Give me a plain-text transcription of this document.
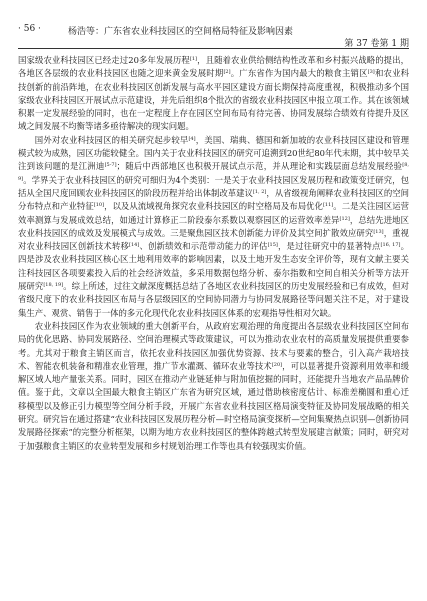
· 56 ·	杨浩等：广东省农业科技园区的空间格局特征及影响因素
第 37 卷第 1 期

国家级农业科技园区已经走过20多年发展历程[1]，且随着农业供给侧结构性改革和乡村振兴战略的提出，各地区各层级的农业科技园区也随之迎来黄金发展时期[2]。广东省作为国内最大的粮食主销区[3]和农业科技创新的前沿阵地，在农业科技园区创新发展与高水平园区建设方面长期保持高度重视，积极推动多个国家级农业科技园区开展试点示范建设，并先后组织8个批次的省级农业科技园区申报立项工作。其在该领域积累一定发展经验的同时，也在一定程度上存在园区空间布局有待完善、协同发展综合绩效有待提升及区域之间发展不均衡等诸多亟待解决的现实问题。

国外对农业科技园区的相关研究起步较早[4]，美国、瑞典、德国和新加坡的农业科技园区建设和管理模式较为成熟，园区功能较健全。国内关于农业科技园区的研究可追溯到20世纪80年代末期，其中较早关注到该问题的是江洲迪[5-7]；随后中西部地区也积极开展试点示范，并从理论和实践层面总结发展经验[8, 9]。学界关于农业科技园区的研究可细归为4个类别：一是关于农业科技园区发展历程和政策变迁研究，包括从全国尺度回顾农业科技园区的阶段历程并给出体制改革建议[1, 2]，从省级视角阐释农业科技园区的空间分布特点和产业特征[10]，以及从流域视角探究农业科技园区的时空格局及布局优化[11]。二是关注园区运营效率测算与发展成效总结，如通过计算修正二阶段泰尔系数以观察园区的运营效率差异[12]，总结先进地区农业科技园区的成效及发展模式与成效。三是聚焦园区技术创新能力评价及其空间扩散效应研究[13]，重视对农业科技园区创新技术转移[14]、创新绩效和示范带动能力的评估[15]，是过往研究中的显著特点[16, 17]。四是涉及农业科技园区核心区土地利用效率的影响因素，以及土地开发生态安全评价等，现有文献主要关注科技园区各项要素投入后的社会经济效益，多采用数据包络分析、泰尔指数和空间自相关分析等方法开展研究[18, 19]。综上所述，过往文献深度概括总结了各地区农业科技园区的历史发展经验和已有成效，但对省级尺度下的农业科技园区布局与各层级园区的空间协同潜力与协同发展路径等问题关注不足，对于建设集生产、观赏、销售于一体的多元化现代化农业科技园区体系的宏观指导性相对欠缺。

农业科技园区作为农业领域的重大创新平台，从政府宏观治理的角度提出各层级农业科技园区空间布局的优化思路、协同发展路径、空间治理模式等政策建议，可以为推动农业农村的高质量发展提供重要参考。尤其对于粮食主销区而言，依托农业科技园区加强优势资源、技术与要素的整合，引入高产栽培技术、智能农机装备和精准农业管理，推广节水灌溉、循环农业等技术[20]，可以显著提升资源利用效率和缓解区域人地产量张关系。同时，园区在推动产业链延伸与附加值挖掘的同时，还能提升当地农产品品牌价值。鉴于此，文章以全国最大粮食主销区广东省为研究区域，通过借助核密度估计、标准差椭圆和重心迁移模型以及修正引力模型等空间分析手段，开展广东省农业科技园区格局演变特征及协同发展战略的相关研究。研究旨在通过搭建“农业科技园区发展历程分析—时空格局演变探析—空间集聚热点识别—创新协同发展路径探索”的完整分析框架，以期为地方农业科技园区的整体跨越式转型发展建言献策；同时，研究对于加强粮食主销区的农业转型发展和乡村规划治理工作等也具有较强现实价值。
